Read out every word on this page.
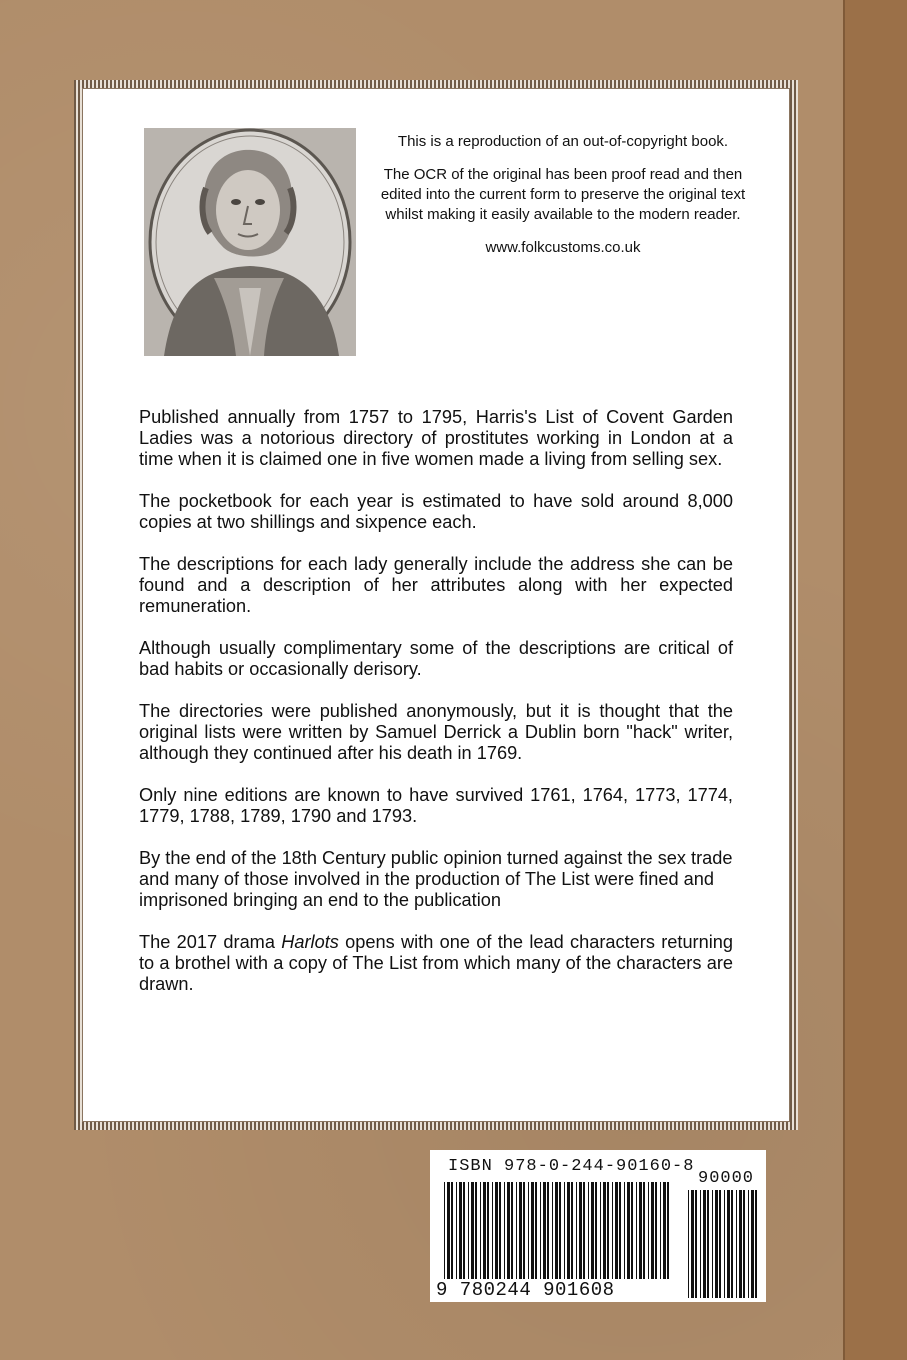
This is a reproduction of an out-of-copyright book.

The OCR of the original has been proof read and then edited into the current form to preserve the original text whilst making it easily available to the modern reader.

www.folkcustoms.co.uk

Published annually from 1757 to 1795, Harris's List of Covent Garden Ladies was a notorious directory of prostitutes working in London at a time when it is claimed one in five women made a living from selling sex.

The pocketbook for each year is estimated to have sold around 8,000 copies at two shillings and sixpence each.

The descriptions for each lady generally include the address she can be found and a description of her attributes along with her expected remuneration.

Although usually complimentary some of the descriptions are critical of bad habits or occasionally derisory.

The directories were published anonymously, but it is thought that the original lists were written by Samuel Derrick a Dublin born "hack" writer, although they continued after his death in 1769.

Only nine editions are known to have survived 1761, 1764, 1773, 1774, 1779, 1788, 1789, 1790 and 1793.

By the end of the 18th Century public opinion turned against the sex trade and many of those involved in the production of The List were fined and imprisoned bringing an end to the publication

The 2017 drama Harlots opens with one of the lead characters returning to a brothel with a copy of The List from which many of the characters are drawn.

ISBN 978-0-244-90160-8
90000
9 780244 901608
